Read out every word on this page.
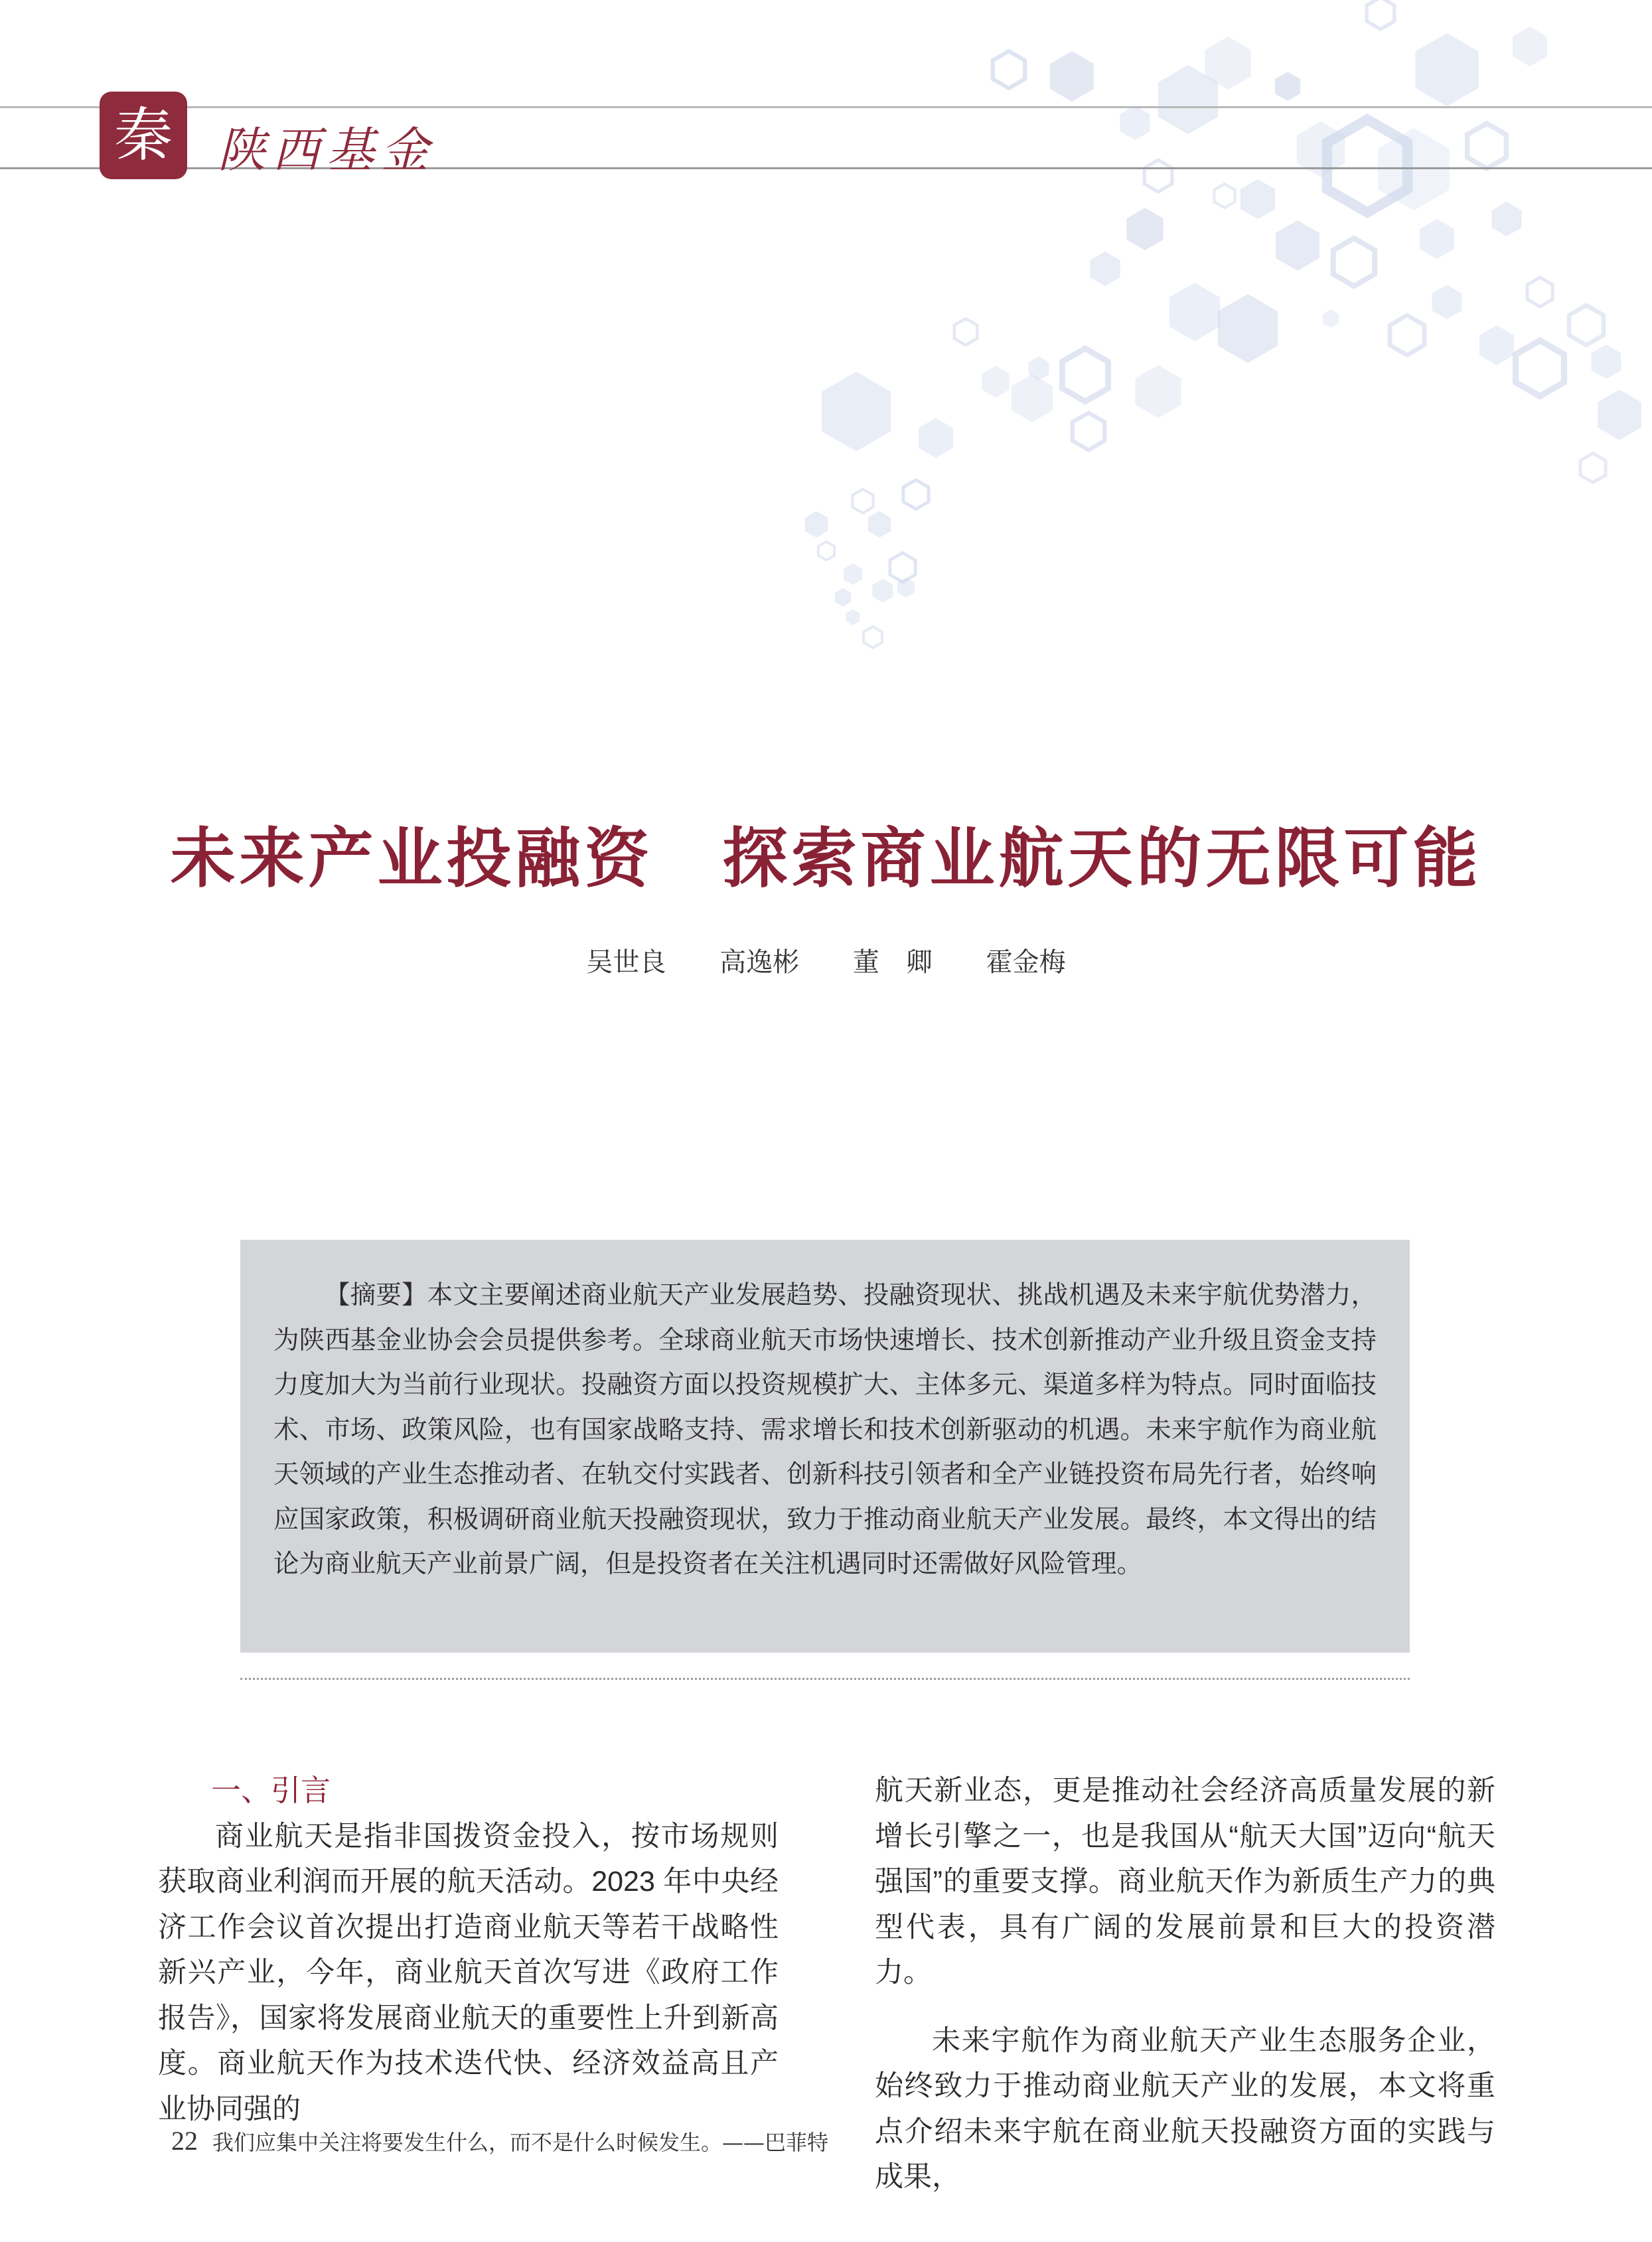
秦 陕西基金
未来产业投融资　探索商业航天的无限可能
吴世良 高逸彬 董　卿 霍金梅

【摘要】本文主要阐述商业航天产业发展趋势、投融资现状、挑战机遇及未来宇航优势潜力，为陕西基金业协会会员提供参考。全球商业航天市场快速增长、技术创新推动产业升级且资金支持力度加大为当前行业现状。投融资方面以投资规模扩大、主体多元、渠道多样为特点。同时面临技术、市场、政策风险，也有国家战略支持、需求增长和技术创新驱动的机遇。未来宇航作为商业航天领域的产业生态推动者、在轨交付实践者、创新科技引领者和全产业链投资布局先行者，始终响应国家政策，积极调研商业航天投融资现状，致力于推动商业航天产业发展。最终，本文得出的结论为商业航天产业前景广阔，但是投资者在关注机遇同时还需做好风险管理。

一、引言

商业航天是指非国拨资金投入，按市场规则获取商业利润而开展的航天活动。2023 年中央经济工作会议首次提出打造商业航天等若干战略性新兴产业，今年，商业航天首次写进《政府工作报告》，国家将发展商业航天的重要性上升到新高度。商业航天作为技术迭代快、经济效益高且产业协同强的

航天新业态，更是推动社会经济高质量发展的新增长引擎之一，也是我国从“航天大国”迈向“航天强国”的重要支撑。商业航天作为新质生产力的典型代表，具有广阔的发展前景和巨大的投资潜力。

未来宇航作为商业航天产业生态服务企业，始终致力于推动商业航天产业的发展，本文将重点介绍未来宇航在商业航天投融资方面的实践与成果，

22 我们应集中关注将要发生什么，而不是什么时候发生。——巴菲特
